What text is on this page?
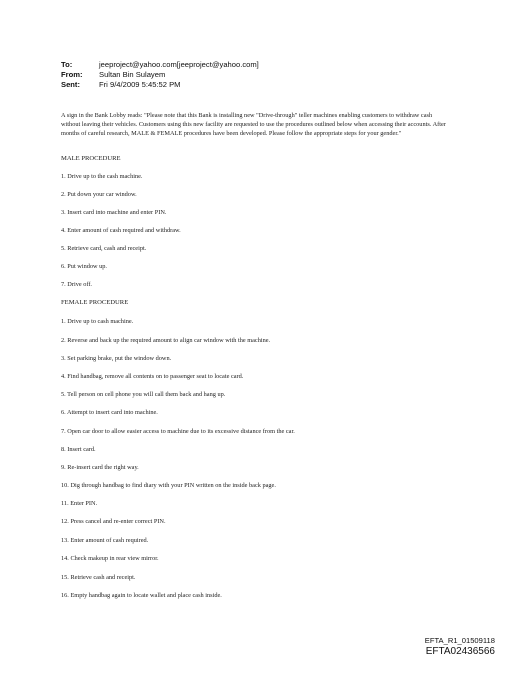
To:	jeeproject@yahoo.com[jeeproject@yahoo.com]
From:	Sultan Bin Sulayem
Sent:	Fri 9/4/2009 5:45:52 PM

A sign in the Bank Lobby reads: "Please note that this Bank is installing new "Drive-through" teller machines enabling customers to withdraw cash without leaving their vehicles. Customers using this new facility are requested to use the procedures outlined below when accessing their accounts. After months of careful research, MALE & FEMALE procedures have been developed. Please follow the appropriate steps for your gender."

MALE PROCEDURE
1. Drive up to the cash machine.
2. Put down your car window.
3. Insert card into machine and enter PIN.
4. Enter amount of cash required and withdraw.
5. Retrieve card, cash and receipt.
6. Put window up.
7. Drive off.
FEMALE PROCEDURE
1. Drive up to cash machine.
2. Reverse and back up the required amount to align car window with the machine.
3. Set parking brake, put the window down.
4. Find handbag, remove all contents on to passenger seat to locate card.
5. Tell person on cell phone you will call them back and hang up.
6. Attempt to insert card into machine.
7. Open car door to allow easier access to machine due to its excessive distance from the car.
8. Insert card.
9. Re-insert card the right way.
10. Dig through handbag to find diary with your PIN written on the inside back page.
11. Enter PIN.
12. Press cancel and re-enter correct PIN.
13. Enter amount of cash required.
14. Check makeup in rear view mirror.
15. Retrieve cash and receipt.
16. Empty handbag again to locate wallet and place cash inside.
EFTA_R1_01509118
EFTA02436566
